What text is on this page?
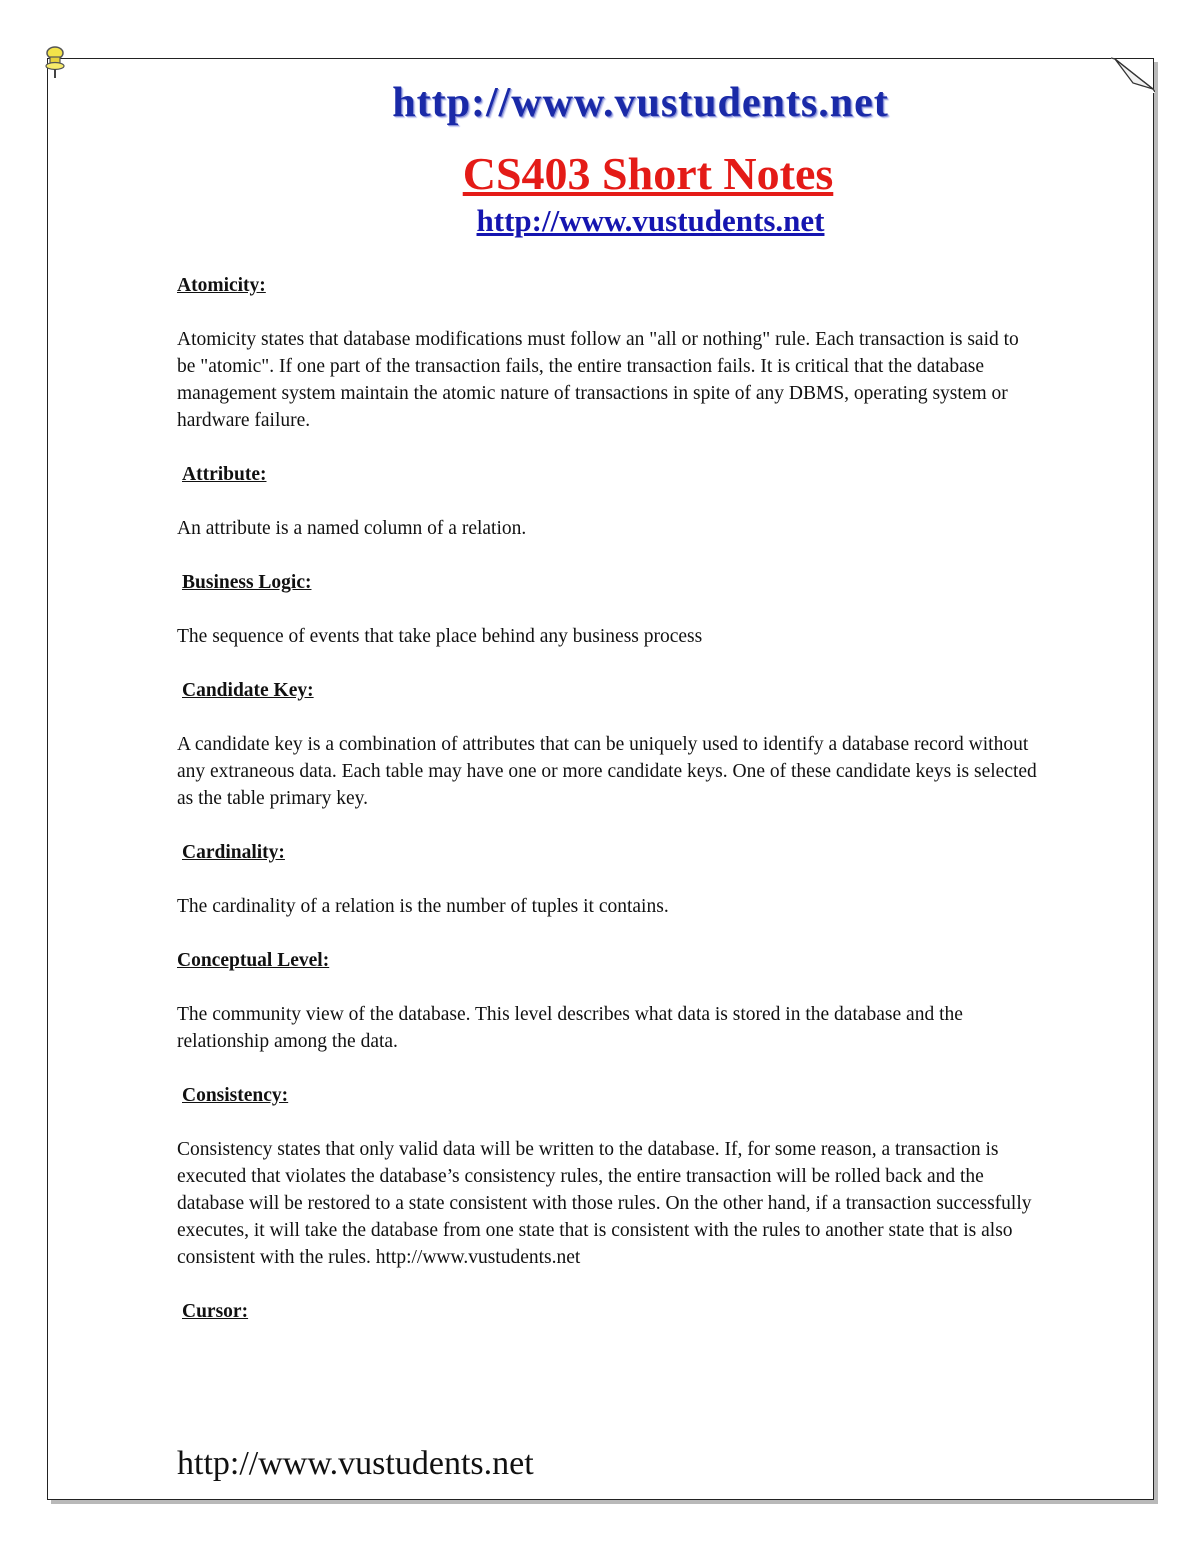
http://www.vustudents.net
CS403 Short Notes
http://www.vustudents.net
Atomicity:

Atomicity states that database modifications must follow an "all or nothing" rule. Each transaction is said to be "atomic". If one part of the transaction fails, the entire transaction fails. It is critical that the database management system maintain the atomic nature of transactions in spite of any DBMS, operating system or hardware failure.

Attribute:

An attribute is a named column of a relation.

Business Logic:

The sequence of events that take place behind any business process

Candidate Key:

A candidate key is a combination of attributes that can be uniquely used to identify a database record without any extraneous data. Each table may have one or more candidate keys. One of these candidate keys is selected as the table primary key.

Cardinality:

The cardinality of a relation is the number of tuples it contains.

Conceptual Level:

The community view of the database. This level describes what data is stored in the database and the relationship among the data.

Consistency:

Consistency states that only valid data will be written to the database. If, for some reason, a transaction is executed that violates the database’s consistency rules, the entire transaction will be rolled back and the database will be restored to a state consistent with those rules. On the other hand, if a transaction successfully executes, it will take the database from one state that is consistent with the rules to another state that is also consistent with the rules. http://www.vustudents.net

Cursor:

http://www.vustudents.net
